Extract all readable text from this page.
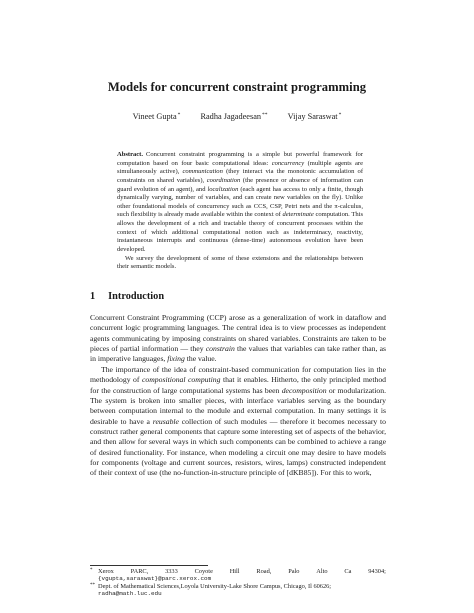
Models for concurrent constraint programming
Vineet Gupta* Radha Jagadeesan** Vijay Saraswat*

Abstract. Concurrent constraint programming is a simple but powerful framework for computation based on four basic computational ideas: concurrency (multiple agents are simultaneously active), communication (they interact via the monotonic accumulation of constraints on shared variables), coordination (the presence or absence of information can guard evolution of an agent), and localization (each agent has access to only a finite, though dynamically varying, number of variables, and can create new variables on the fly). Unlike other foundational models of concurrency such as CCS, CSP, Petri nets and the π-calculus, such flexibility is already made available within the context of determinate computation. This allows the development of a rich and tractable theory of concurrent processes within the context of which additional computational notion such as indeterminacy, reactivity, instantaneous interrupts and continuous (dense-time) autonomous evolution have been developed.

We survey the development of some of these extensions and the relationships between their semantic models.

1 Introduction

Concurrent Constraint Programming (CCP) arose as a generalization of work in dataflow and concurrent logic programming languages. The central idea is to view processes as independent agents communicating by imposing constraints on shared variables. Constraints are taken to be pieces of partial information — they constrain the values that variables can take rather than, as in imperative languages, fixing the value.

The importance of the idea of constraint-based communication for computation lies in the methodology of compositional computing that it enables. Hitherto, the only principled method for the construction of large computational systems has been decomposition or modularization. The system is broken into smaller pieces, with interface variables serving as the boundary between computation internal to the module and external computation. In many settings it is desirable to have a reusable collection of such modules — therefore it becomes necessary to construct rather general components that capture some interesting set of aspects of the behavior, and then allow for several ways in which such components can be combined to achieve a range of desired functionality. For instance, when modeling a circuit one may desire to have models for components (voltage and current sources, resistors, wires, lamps) constructed independent of their context of use (the no-function-in-structure principle of [dKB85]). For this to work,

* Xerox	PARC,	3333	Coyote	Hill	Road,	Palo	Alto	Ca	94304;
{vgupta,saraswat}@parc.xerox.com
** Dept. of Mathematical Sciences,Loyola University-Lake Shore Campus, Chicago, Il 60626;
radha@math.luc.edu
